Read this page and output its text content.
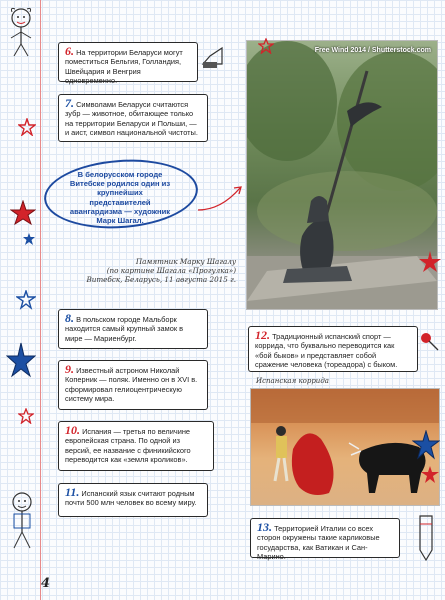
6. На территории Беларуси могут поместиться Бельгия, Голландия, Швейцария и Венгрия одновременно.
7. Символами Беларуси считаются зубр — животное, обитающее только на территории Беларуси и Польши, — и аист, символ национальной чистоты.
В белорусском городе Витебске родился один из крупнейших представителей авангардизма — художник Марк Шагал.
Памятник Марку Шагалу
(по картине Шагала «Прогулка»)
Витебск, Беларусь, 11 августа 2015 г.
8. В польском городе Мальборк находится самый крупный замок в мире — Мариенбург.
9. Известный астроном Николай Коперник — поляк. Именно он в XVI в. сформировал гелиоцентрическую систему мира.
10. Испания — третья по величине европейская страна. По одной из версий, ее название с финикийского переводится как «земля кроликов».
11. Испанский язык считают родным почти 500 млн человек во всему миру.
Free Wind 2014 / Shutterstock.com
12. Традиционный испанский спорт — коррида, что буквально переводится как «бой быков» и представляет собой сражение человека (тореадора) с быком.
Испанская коррида
13. Территорией Италии со всех сторон окружены такие карликовые государства, как Ватикан и Сан-Марино.
4
